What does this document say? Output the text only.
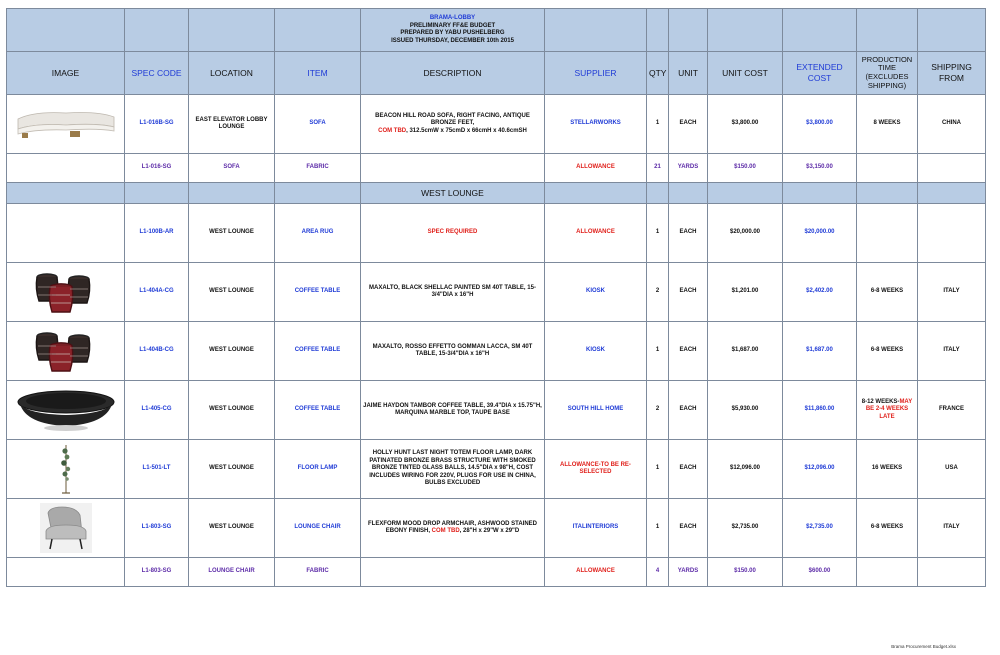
				BRAMA-LOBBY
PRELIMINARY FF&E BUDGET
PREPARED BY YABU PUSHELBERG
ISSUED THURSDAY, DECEMBER 10th 2015							

IMAGE	SPEC CODE	LOCATION	ITEM	DESCRIPTION	SUPPLIER	QTY	UNIT	UNIT COST	EXTENDED COST	PRODUCTION TIME (EXCLUDES SHIPPING)	SHIPPING FROM

	L1-016B-SG	EAST ELEVATOR LOBBY LOUNGE	SOFA	BEACON HILL ROAD SOFA, RIGHT FACING, ANTIQUE BRONZE FEET,
COM TBD, 312.5cmW x 75cmD x 66cmH x 40.6cmSH	STELLARWORKS	1	EACH	$3,800.00	$3,800.00	8 WEEKS	CHINA
	L1-016-SG	SOFA	FABRIC		ALLOWANCE	21	YARDS	$150.00	$3,150.00		
				WEST LOUNGE							
	L1-100B-AR	WEST LOUNGE	AREA RUG	SPEC REQUIRED	ALLOWANCE	1	EACH	$20,000.00	$20,000.00		

	L1-404A-CG	WEST LOUNGE	COFFEE TABLE	MAXALTO, BLACK SHELLAC PAINTED SM 40T TABLE, 15-3/4"DIA x 16"H	KIOSK	2	EACH	$1,201.00	$2,402.00	6-8 WEEKS	ITALY

	L1-404B-CG	WEST LOUNGE	COFFEE TABLE	MAXALTO, ROSSO EFFETTO GOMMAN LACCA, SM 40T TABLE, 15-3/4"DIA x 16"H	KIOSK	1	EACH	$1,687.00	$1,687.00	6-8 WEEKS	ITALY

	L1-405-CG	WEST LOUNGE	COFFEE TABLE	JAIME HAYDON TAMBOR COFFEE TABLE, 39.4"DIA x 15.75"H, MARQUINA MARBLE TOP, TAUPE BASE	SOUTH HILL HOME	2	EACH	$5,930.00	$11,860.00	8-12 WEEKS-MAY BE 2-4 WEEKS LATE	FRANCE

	L1-501-LT	WEST LOUNGE	FLOOR LAMP	HOLLY HUNT LAST NIGHT TOTEM FLOOR LAMP, DARK PATINATED BRONZE BRASS STRUCTURE WITH SMOKED BRONZE TINTED GLASS BALLS, 14.5"DIA x 98"H, COST INCLUDES WIRING FOR 220V, PLUGS FOR USE IN CHINA, BULBS EXCLUDED	ALLOWANCE-TO BE RE-SELECTED	1	EACH	$12,096.00	$12,096.00	16 WEEKS	USA

	L1-803-SG	WEST LOUNGE	LOUNGE CHAIR	FLEXFORM MOOD DROP ARMCHAIR, ASHWOOD STAINED EBONY FINISH, COM TBD, 28"H x 29"W x 29"D	ITALINTERIORS	1	EACH	$2,735.00	$2,735.00	6-8 WEEKS	ITALY
	L1-803-SG	LOUNGE CHAIR	FABRIC		ALLOWANCE	4	YARDS	$150.00	$600.00		
Brama Procurement Budget.xlsx
